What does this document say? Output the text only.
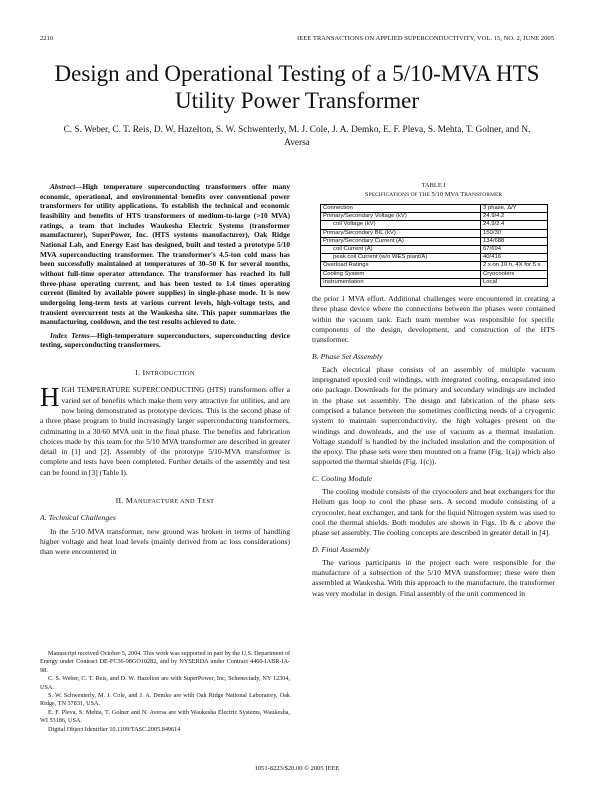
2210	IEEE TRANSACTIONS ON APPLIED SUPERCONDUCTIVITY, VOL. 15, NO. 2, JUNE 2005
Design and Operational Testing of a 5/10-MVA HTS Utility Power Transformer
C. S. Weber, C. T. Reis, D. W. Hazelton, S. W. Schwenterly, M. J. Cole, J. A. Demko, E. F. Pleva, S. Mehta, T. Golner, and N. Aversa

Abstract—High temperature superconducting transformers offer many economic, operational, and environmental benefits over conventional power transformers for utility applications. To establish the technical and economic feasibility and benefits of HTS transformers of medium-to-large (>10 MVA) ratings, a team that includes Waukesha Electric Systems (transformer manufacturer), SuperPower, Inc. (HTS systems manufacturer), Oak Ridge National Lab, and Energy East has designed, built and tested a prototype 5/10 MVA superconducting transformer. The transformer's 4.5-ton cold mass has been successfully maintained at temperatures of 30–50 K for several months, without full-time operator attendance. The transformer has reached its full three-phase operating current, and has been tested to 1.4 times operating current (limited by available power supplies) in single-phase mode. It is now undergoing long-term tests at various current levels, high-voltage tests, and transient overcurrent tests at the Waukesha site. This paper summarizes the manufacturing, cooldown, and the test results achieved to date.

Index Terms—High-temperature superconductors, superconducting device testing, superconducting transformers.

I. INTRODUCTION

HIGH TEMPERATURE SUPERCONDUCTING (HTS) transformers offer a varied set of benefits which make them very attractive for utilities, and are now being demonstrated as prototype devices. This is the second phase of a three phase program to build increasingly larger superconducting transformers, culminating in a 30/60 MVA unit in the final phase. The benefits and fabrication choices made by this team for the 5/10 MVA transformer are described in greater detail in [1] and [2]. Assembly of the prototype 5/10-MVA transformer is complete and tests have been completed. Further details of the assembly and test can be found in [3] (Table I).

II. MANUFACTURE AND TEST
A. Technical Challenges

In the 5/10 MVA transformer, new ground was broken in terms of handling higher voltage and heat load levels (mainly derived from ac loss considerations) than were encountered in

Manuscript received October 5, 2004. This work was supported in part by the U.S. Department of Energy under Contract DE-FC36-98GO10282, and by NYSERDA under Contract 4460-IABR-IA-98.

C. S. Weber, C. T. Reis, and D. W. Hazelton are with SuperPower, Inc, Schenectady, NY 12304, USA.

S. W. Schwenterly, M. J. Cole, and J. A. Demko are with Oak Ridge National Laboratory, Oak Ridge, TN 37831, USA.

E. F. Pleva, S. Mehta, T. Golner and N. Aversa are with Waukesha Electric Systems, Waukesha, WI 53186, USA.

Digital Object Identifier 10.1109/TASC.2005.849614

TABLE I
SPECIFICATIONS OF THE 5/10 MVA TRANSFORMER
Connection	3 phase, Δ/Y
Primary/Secondary Voltage (kV)	24.9/4.2
coil Voltage (kV)	24.9/2.4
Primary/Secondary BIL (kV)	150/30
Primary/Secondary Current (A)	134/688
coil Current (A)	67/694
peak coil Current (w/o WES plant/A)	40/416
Overload Ratings	2 x on 10 h, 4X for 5 s
Cooling System	Cryocoolers
Instrumentation	Local

the prior 1 MVA effort. Additional challenges were encountered in creating a three phase device where the connections between the phases were contained within the vacuum tank. Each team member was responsible for specific components of the design, development, and construction of the HTS transformer.

B. Phase Set Assembly

Each electrical phase consists of an assembly of multiple vacuum impregnated epoxied coil windings, with integrated cooling, encapsulated into one package. Downleads for the primary and secondary windings are included in the phase set assembly. The design and fabrication of the phase sets comprised a balance between the sometimes conflicting needs of a cryogenic system to maintain superconductivity, the high voltages present on the windings and downleads, and the use of vacuum as a thermal insulation. Voltage standoff is handled by the included insulation and the composition of the epoxy. The phase sets were then mounted on a frame (Fig. 1(a)) which also supported the thermal shields (Fig. 1(c)).

C. Cooling Module

The cooling module consists of the cryocoolers and heat exchangers for the Helium gas loop to cool the phase sets. A second module consisting of a cryocooler, heat exchanger, and tank for the liquid Nitrogen system was used to cool the thermal shields. Both modules are shown in Figs. 1b & c above the phase set assembly. The cooling concepts are described in greater detail in [4].

D. Final Assembly

The various participants in the project each were responsible for the manufacture of a subsection of the 5/10 MVA transformer; these were then assembled at Waukesha. With this approach to the manufacture, the transformer was very modular in design. Final assembly of the unit commenced in

1051-8223/$20.00 © 2005 IEEE
